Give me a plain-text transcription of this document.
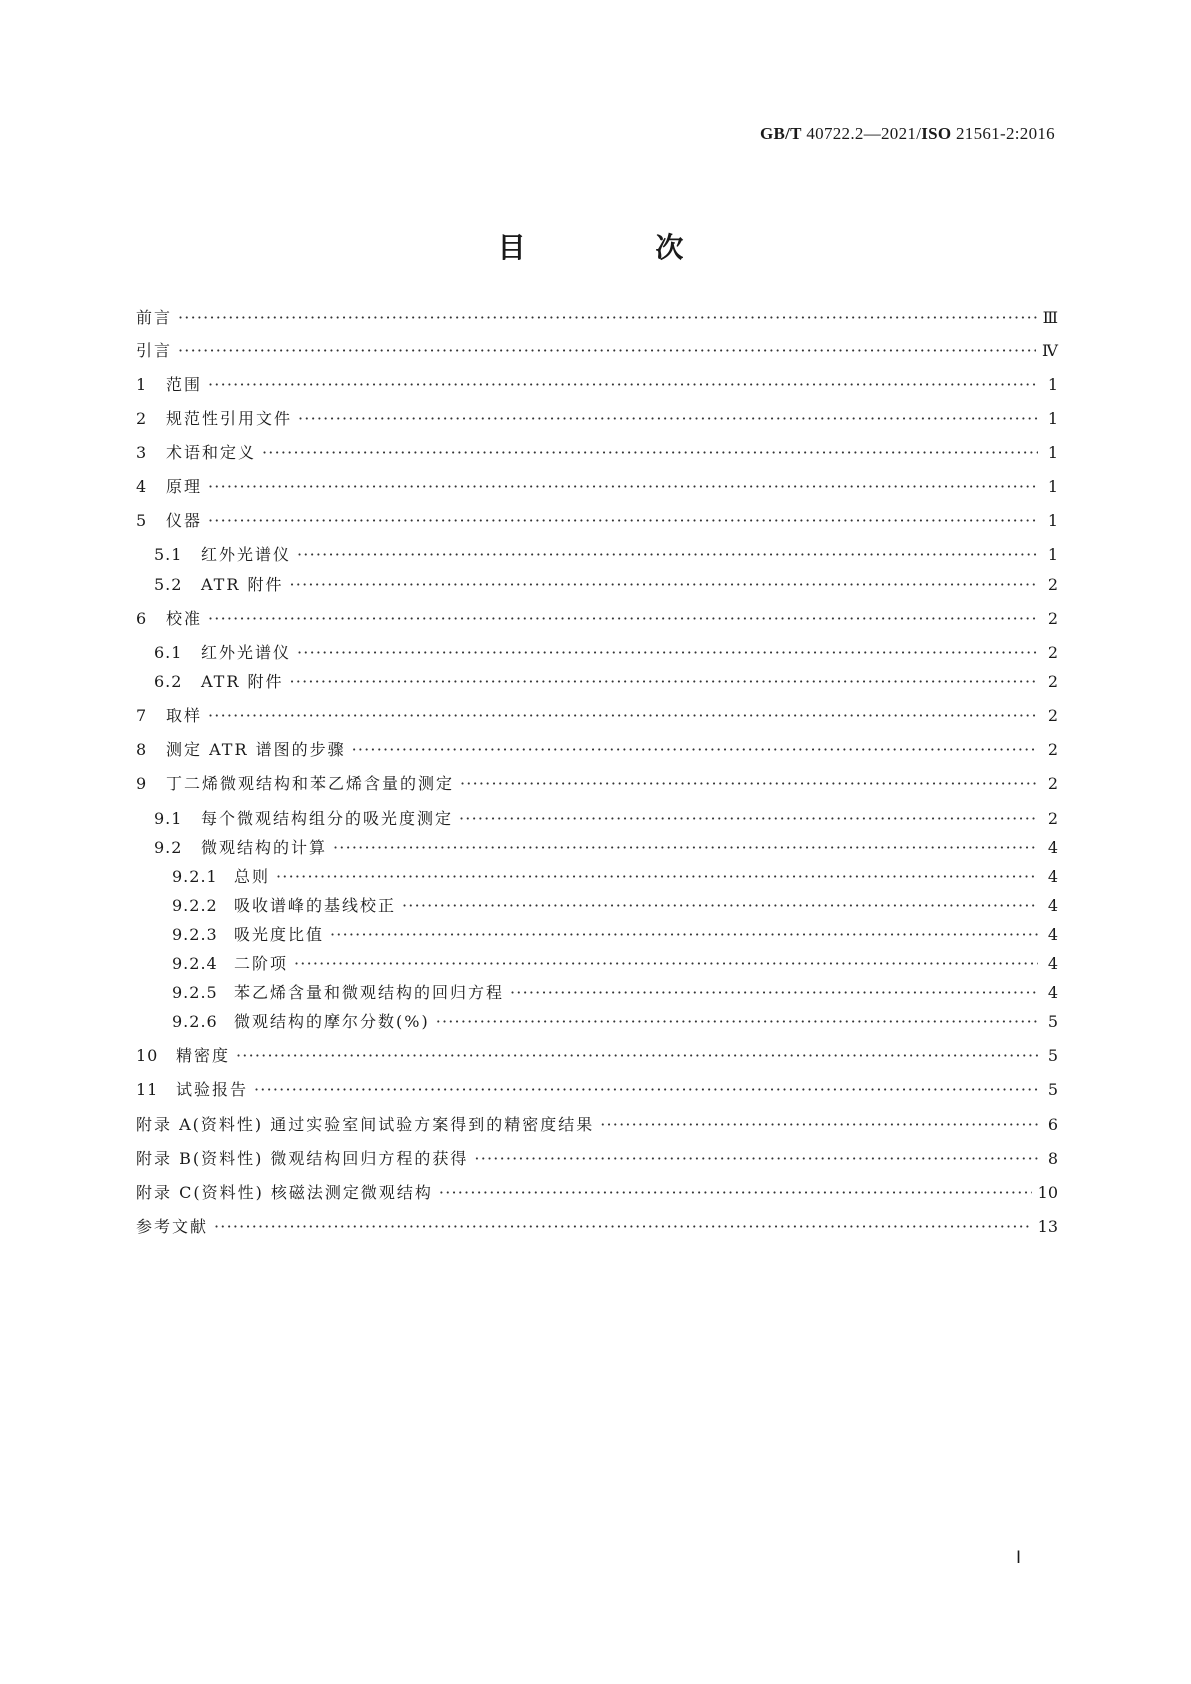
GB/T 40722.2—2021/ISO 21561-2:2016
目 次
前言 ·····	Ⅲ
引言 ·····	Ⅳ
1	范围 ·····	1
2	规范性引用文件 ·····	1
3	术语和定义 ·····	1
4	原理 ·····	1
5	仪器 ·····	1
5.1	红外光谱仪 ·····	1
5.2	ATR 附件 ·····	2
6	校准 ·····	2
6.1	红外光谱仪 ·····	2
6.2	ATR 附件 ·····	2
7	取样 ·····	2
8	测定 ATR 谱图的步骤 ·····	2
9	丁二烯微观结构和苯乙烯含量的测定 ·····	2
9.1	每个微观结构组分的吸光度测定 ·····	2
9.2	微观结构的计算 ·····	4
9.2.1	总则 ·····	4
9.2.2	吸收谱峰的基线校正 ·····	4
9.2.3	吸光度比值 ·····	4
9.2.4	二阶项 ·····	4
9.2.5	苯乙烯含量和微观结构的回归方程 ·····	4
9.2.6	微观结构的摩尔分数(%) ·····	5
10	精密度 ·····	5
11	试验报告 ·····	5
附录 A(资料性) 通过实验室间试验方案得到的精密度结果 ·····	6
附录 B(资料性) 微观结构回归方程的获得 ·····	8
附录 C(资料性) 核磁法测定微观结构 ·····	10
参考文献 ·····	13
Ⅰ
